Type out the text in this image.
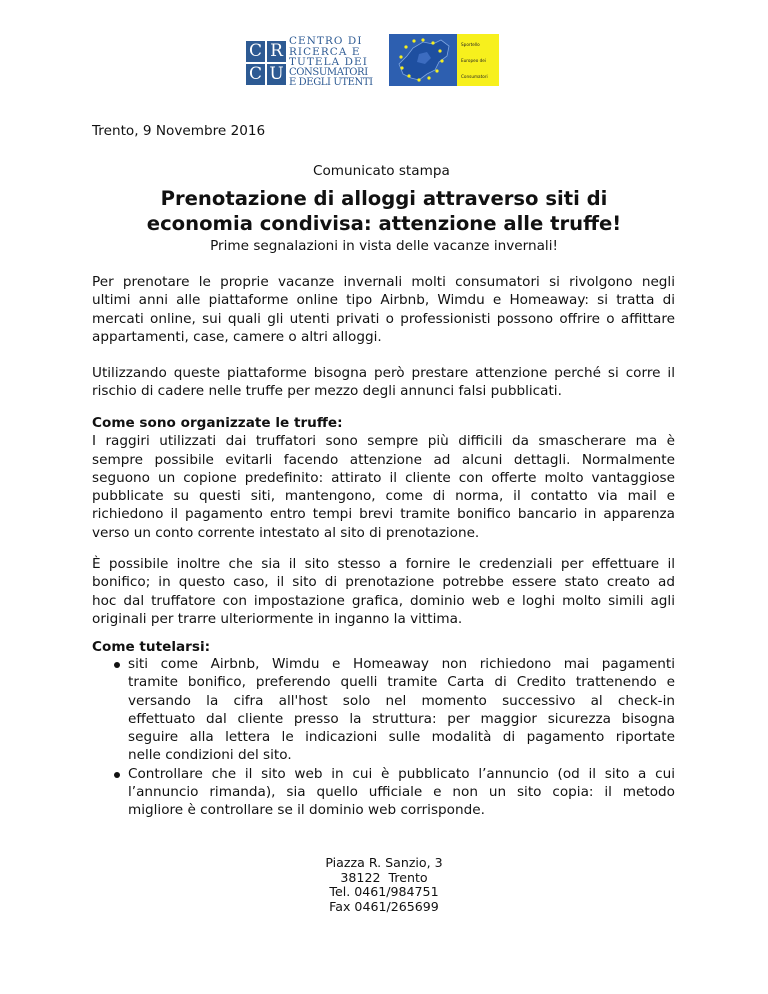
C R
C U
CENTRO DI
RICERCA E
TUTELA DEI
CONSUMATORI
E DEGLI UTENTI
Sportello
Europeo dei
Consumatori
Trento, 9 Novembre 2016
Comunicato stampa
Prenotazione di alloggi attraverso siti di
economia condivisa: attenzione alle truffe!
Prime segnalazioni in vista delle vacanze invernali!
Per prenotare le proprie vacanze invernali molti consumatori si rivolgono negli
ultimi anni alle piattaforme online tipo Airbnb, Wimdu e Homeaway: si tratta di
mercati online, sui quali gli utenti privati o professionisti possono offrire o affittare
appartamenti, case, camere o altri alloggi.
Utilizzando queste piattaforme bisogna però prestare attenzione perché si corre il
rischio di cadere nelle truffe per mezzo degli annunci falsi pubblicati.
Come sono organizzate le truffe:
I raggiri utilizzati dai truffatori sono sempre più difficili da smascherare ma è
sempre possibile evitarli facendo attenzione ad alcuni dettagli. Normalmente
seguono un copione predefinito: attirato il cliente con offerte molto vantaggiose
pubblicate su questi siti, mantengono, come di norma, il contatto via mail e
richiedono il pagamento entro tempi brevi tramite bonifico bancario in apparenza
verso un conto corrente intestato al sito di prenotazione.
È possibile inoltre che sia il sito stesso a fornire le credenziali per effettuare il
bonifico; in questo caso, il sito di prenotazione potrebbe essere stato creato ad
hoc dal truffatore con impostazione grafica, dominio web e loghi molto simili agli
originali per trarre ulteriormente in inganno la vittima.
Come tutelarsi:
siti come Airbnb, Wimdu e Homeaway non richiedono mai pagamenti
tramite bonifico, preferendo quelli tramite Carta di Credito trattenendo e
versando la cifra all'host solo nel momento successivo al check-in
effettuato dal cliente presso la struttura: per maggior sicurezza bisogna
seguire alla lettera le indicazioni sulle modalità di pagamento riportate
nelle condizioni del sito.
Controllare che il sito web in cui è pubblicato l’annuncio (od il sito a cui
l’annuncio rimanda), sia quello ufficiale e non un sito copia: il metodo
migliore è controllare se il dominio web corrisponde.
Piazza R. Sanzio, 3
38122  Trento
Tel. 0461/984751
Fax 0461/265699
